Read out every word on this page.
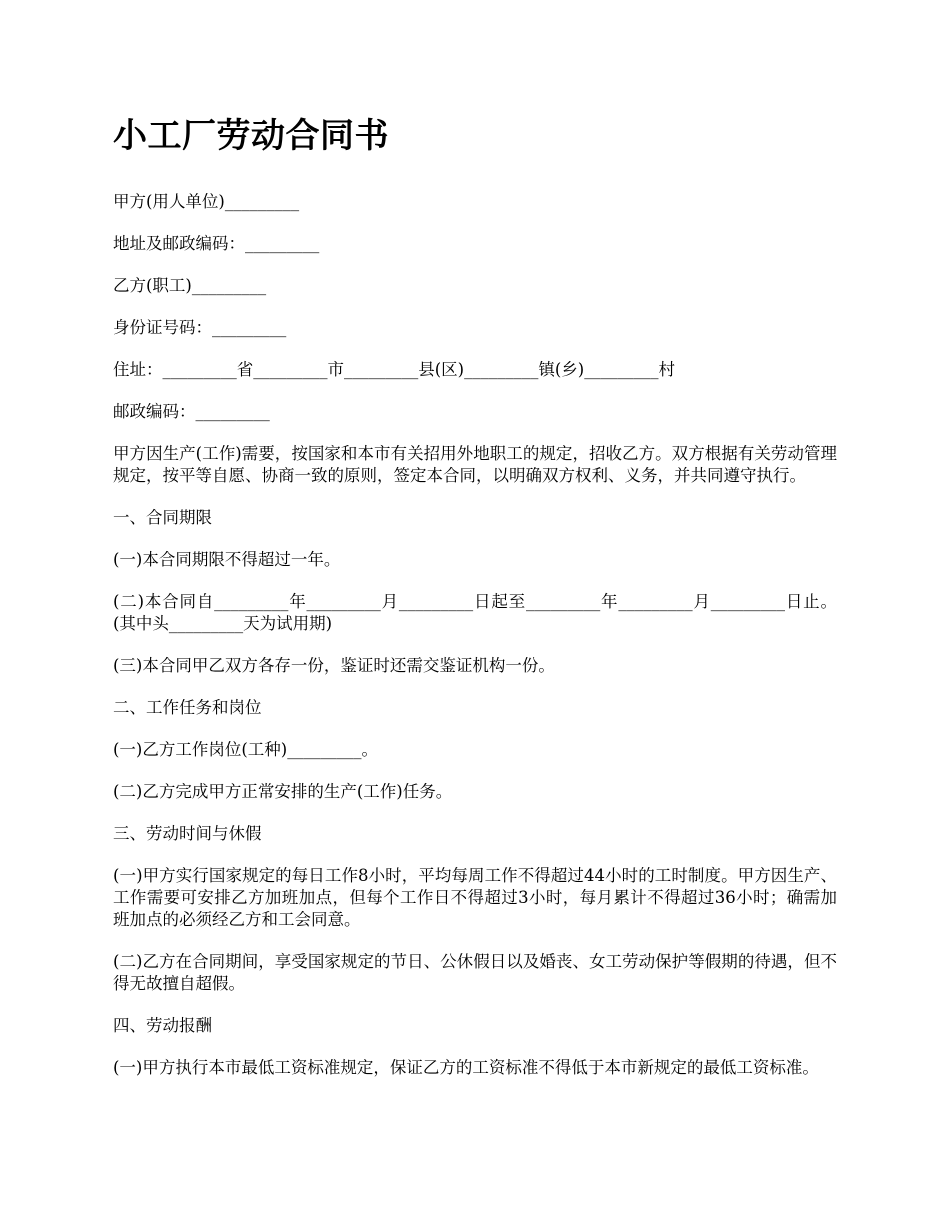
小工厂劳动合同书

甲方(用人单位)_________

地址及邮政编码：_________

乙方(职工)_________

身份证号码：_________

住址：_________省_________市_________县(区)_________镇(乡)_________村

邮政编码：_________

甲方因生产(工作)需要，按国家和本市有关招用外地职工的规定，招收乙方。双方根据有关劳动管理规定，按平等自愿、协商一致的原则，签定本合同，以明确双方权利、义务，并共同遵守执行。

一、合同期限

(一)本合同期限不得超过一年。

(二)本合同自_________年_________月_________日起至_________年_________月_________日止。(其中头_________天为试用期)

(三)本合同甲乙双方各存一份，鉴证时还需交鉴证机构一份。

二、工作任务和岗位

(一)乙方工作岗位(工种)_________。

(二)乙方完成甲方正常安排的生产(工作)任务。

三、劳动时间与休假

(一)甲方实行国家规定的每日工作8小时，平均每周工作不得超过44小时的工时制度。甲方因生产、工作需要可安排乙方加班加点，但每个工作日不得超过3小时，每月累计不得超过36小时；确需加班加点的必须经乙方和工会同意。

(二)乙方在合同期间，享受国家规定的节日、公休假日以及婚丧、女工劳动保护等假期的待遇，但不得无故擅自超假。

四、劳动报酬

(一)甲方执行本市最低工资标准规定，保证乙方的工资标准不得低于本市新规定的最低工资标准。
